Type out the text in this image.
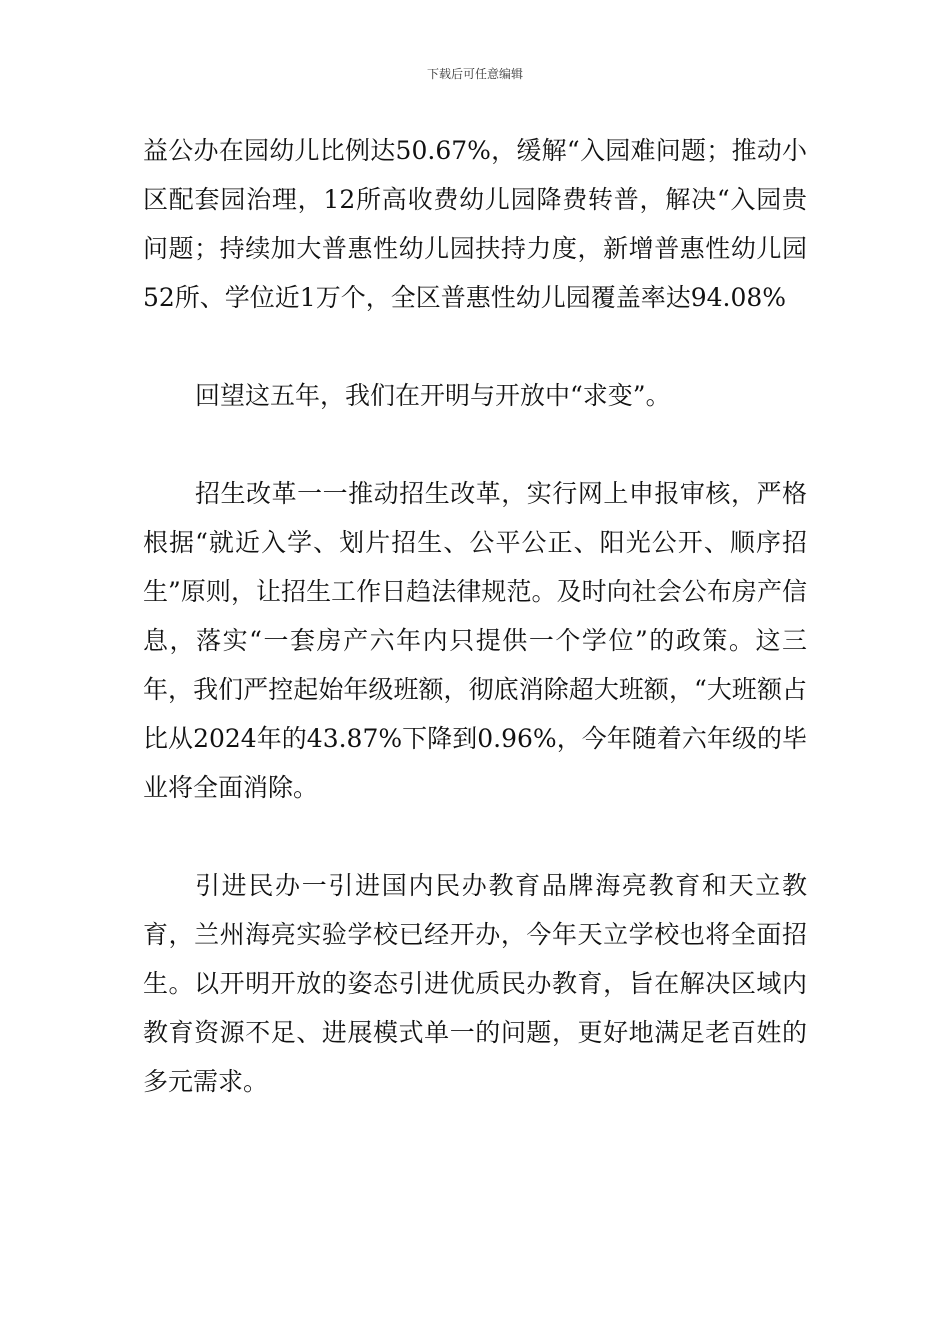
下载后可任意编辑

益公办在园幼儿比例达50.67%，缓解“入园难问题；推动小区配套园治理，12所高收费幼儿园降费转普，解决“入园贵问题；持续加大普惠性幼儿园扶持力度，新增普惠性幼儿园52所、学位近1万个，全区普惠性幼儿园覆盖率达94.08%

回望这五年，我们在开明与开放中“求变”。

招生改革一一推动招生改革，实行网上申报审核，严格根据“就近入学、划片招生、公平公正、阳光公开、顺序招生”原则，让招生工作日趋法律规范。及时向社会公布房产信息，落实“一套房产六年内只提供一个学位”的政策。这三年，我们严控起始年级班额，彻底消除超大班额，“大班额占比从2024年的43.87%下降到0.96%，今年随着六年级的毕业将全面消除。

引进民办一引进国内民办教育品牌海亮教育和天立教育，兰州海亮实验学校已经开办，今年天立学校也将全面招生。以开明开放的姿态引进优质民办教育，旨在解决区域内教育资源不足、进展模式单一的问题，更好地满足老百姓的多元需求。
